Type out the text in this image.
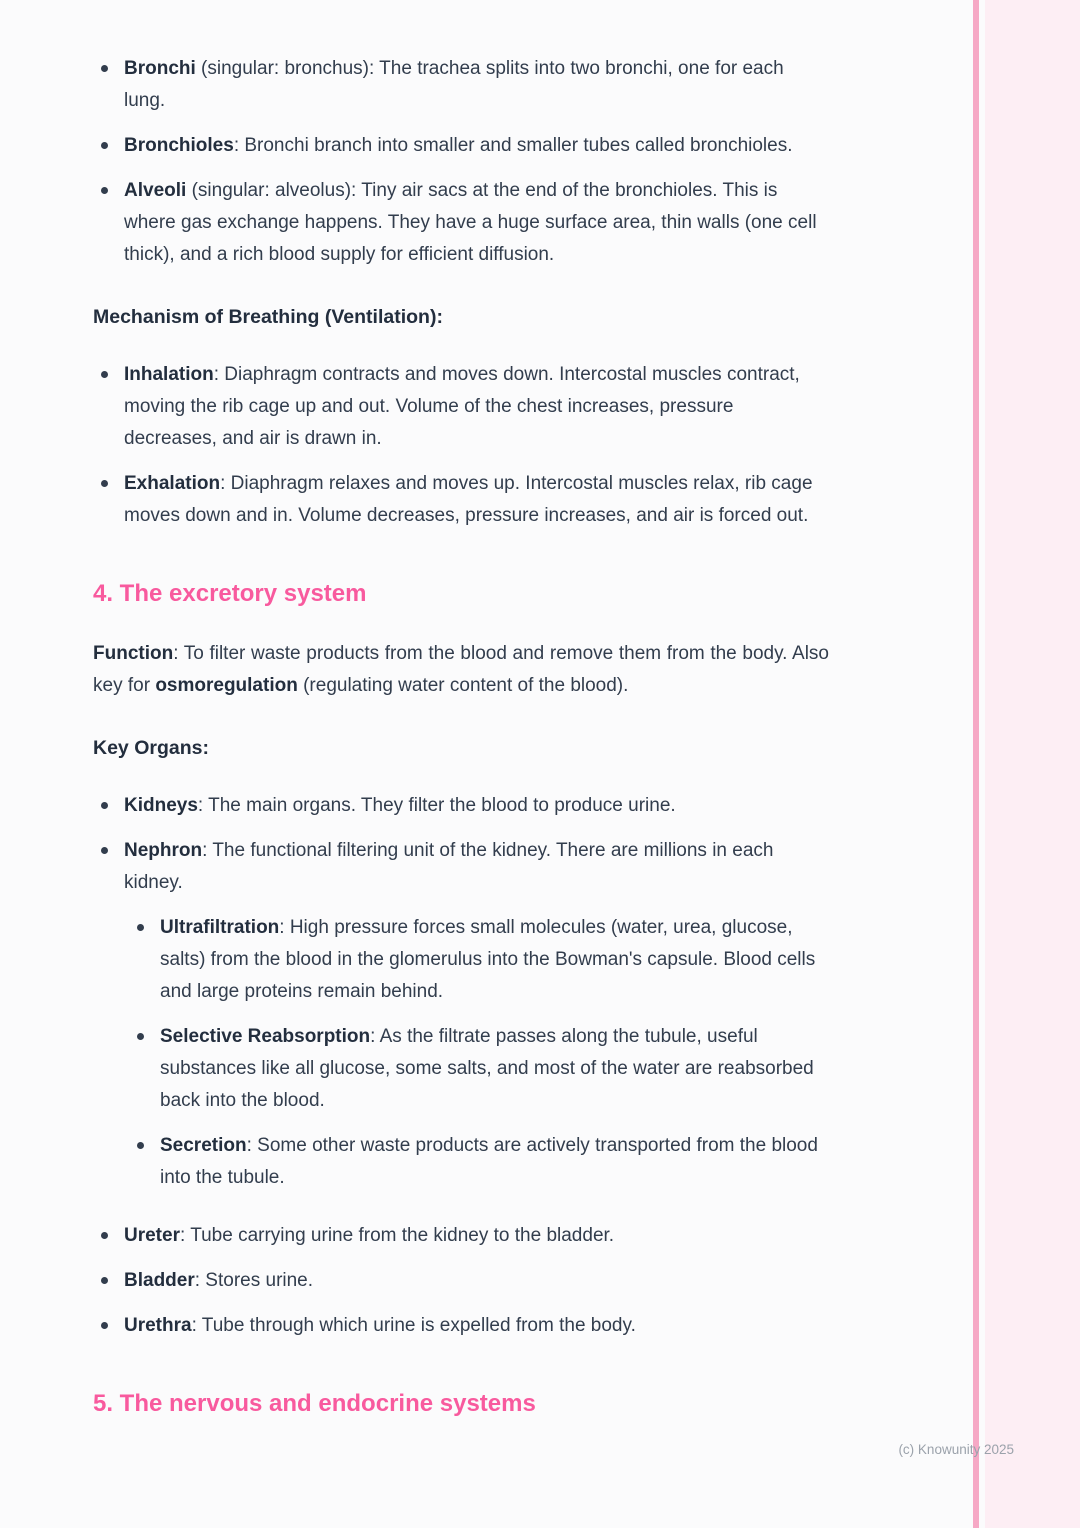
Bronchi (singular: bronchus): The trachea splits into two bronchi, one for each lung.
Bronchioles: Bronchi branch into smaller and smaller tubes called bronchioles.
Alveoli (singular: alveolus): Tiny air sacs at the end of the bronchioles. This is where gas exchange happens. They have a huge surface area, thin walls (one cell thick), and a rich blood supply for efficient diffusion.

Mechanism of Breathing (Ventilation):

Inhalation: Diaphragm contracts and moves down. Intercostal muscles contract, moving the rib cage up and out. Volume of the chest increases, pressure decreases, and air is drawn in.
Exhalation: Diaphragm relaxes and moves up. Intercostal muscles relax, rib cage moves down and in. Volume decreases, pressure increases, and air is forced out.
4. The excretory system

Function: To filter waste products from the blood and remove them from the body. Also key for osmoregulation (regulating water content of the blood).

Key Organs:

Kidneys: The main organs. They filter the blood to produce urine.
Nephron: The functional filtering unit of the kidney. There are millions in each kidney.
Ultrafiltration: High pressure forces small molecules (water, urea, glucose, salts) from the blood in the glomerulus into the Bowman's capsule. Blood cells and large proteins remain behind.
Selective Reabsorption: As the filtrate passes along the tubule, useful substances like all glucose, some salts, and most of the water are reabsorbed back into the blood.
Secretion: Some other waste products are actively transported from the blood into the tubule.
Ureter: Tube carrying urine from the kidney to the bladder.
Bladder: Stores urine.
Urethra: Tube through which urine is expelled from the body.
5. The nervous and endocrine systems
(c) Knowunity 2025
